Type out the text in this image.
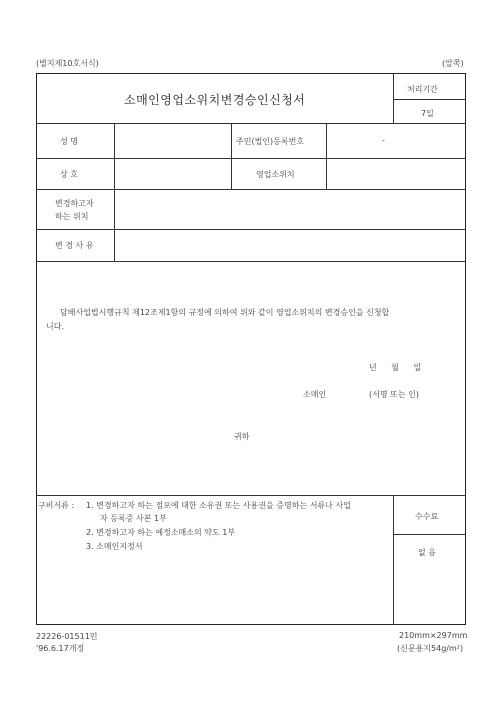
(별지제10호서식)	(앞쪽)
소매인영업소위치변경승인신청서
처리기간
7일
성 명	주민(법인)등록번호	-
상 호	영업소위치
변경하고자
하는 위치
변 경 사 유
담배사업법시행규칙 제12조제1항의 규정에 의하여 위와 같이 영업소위치의 변경승인을 신청합
니다.
년 월 일
소매인	(서명 또는 인)
귀하
구비서류 : 1. 변경하고자 하는 점포에 대한 소유권 또는 사용권을 증명하는 서류나 사업
자 등록증 사본 1부
2. 변경하고자 하는 예정소매소의 약도 1부
3. 소매인지정서
수수료
없 음
22226-01511민
'96.6.17개정
210mm×297mm
(신문용지54g/m²)
